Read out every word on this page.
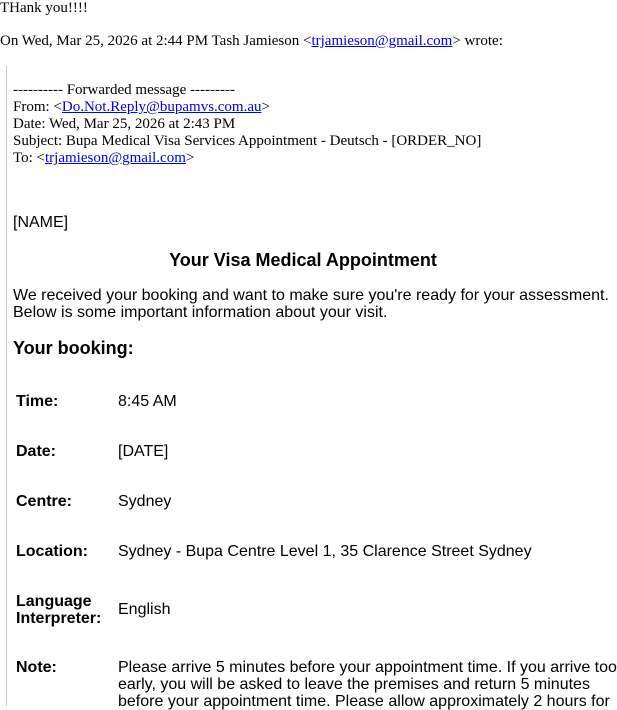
THank you!!!!
On Wed, Mar 25, 2026 at 2:44 PM Tash Jamieson <trjamieson@gmail.com> wrote:
---------- Forwarded message ---------
From: <Do.Not.Reply@bupamvs.com.au>
Date: Wed, Mar 25, 2026 at 2:43 PM
Subject: Bupa Medical Visa Services Appointment - Deutsch - [ORDER_NO]
To: <trjamieson@gmail.com>
[NAME]
Your Visa Medical Appointment
We received your booking and want to make sure you're ready for your assessment.
Below is some important information about your visit.
Your booking:
Time:	8:45 AM
Date:	[DATE]
Centre:	Sydney
Location: Sydney - Bupa Centre Level 1, 35 Clarence Street Sydney
Language
Interpreter:
English
Note:	Please arrive 5 minutes before your appointment time. If you arrive too
early, you will be asked to leave the premises and return 5 minutes
before your appointment time. Please allow approximately 2 hours for
